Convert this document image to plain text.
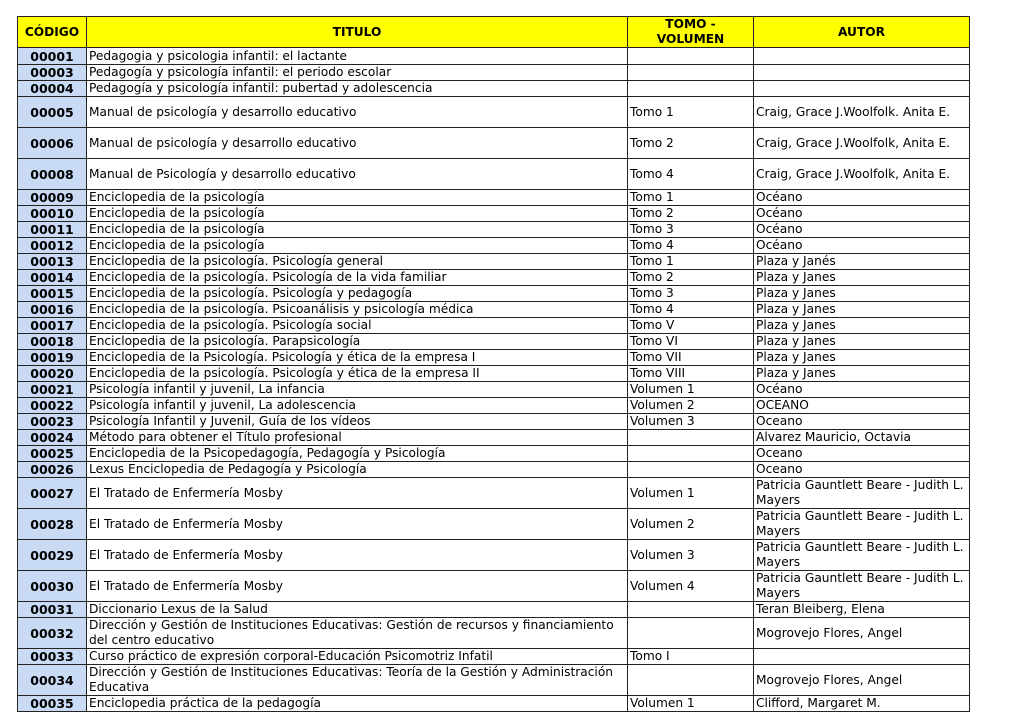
CÓDIGO	TITULO	TOMO - VOLUMEN	AUTOR
00001	Pedagogia y psicologia infantil: el lactante		
00003	Pedagogía y psicología infantil: el periodo escolar		
00004	Pedagogía y psicología infantil: pubertad y adolescencia		
00005	Manual de psicología y desarrollo educativo	Tomo 1	Craig, Grace J.Woolfolk. Anita E.
00006	Manual de psicología y desarrollo educativo	Tomo 2	Craig, Grace J.Woolfolk, Anita E.
00008	Manual de Psicología y desarrollo educativo	Tomo 4	Craig, Grace J.Woolfolk, Anita E.
00009	Enciclopedia de la psicología	Tomo 1	Océano
00010	Enciclopedia de la psicología	Tomo 2	Océano
00011	Enciclopedia de la psicología	Tomo 3	Océano
00012	Enciclopedia de la psicología	Tomo 4	Océano
00013	Enciclopedia de la psicología. Psicología general	Tomo 1	Plaza y Janés
00014	Enciclopedia de la psicología. Psicología de la vida familiar	Tomo 2	Plaza y Janes
00015	Enciclopedia de la psicología. Psicología y pedagogía	Tomo 3	Plaza y Janes
00016	Enciclopedia de la psicología. Psicoanálisis y psicología médica	Tomo 4	Plaza y Janes
00017	Enciclopedia de la psicología. Psicología social	Tomo V	Plaza y Janes
00018	Enciclopedia de la psicología. Parapsicología	Tomo VI	Plaza y Janes
00019	Enciclopedia de la Psicología. Psicología y ética de la empresa I	Tomo VII	Plaza y Janes
00020	Enciclopedia de la psicología. Psicología y ética de la empresa II	Tomo VIII	Plaza y Janes
00021	Psicología infantil y juvenil, La infancia	Volumen 1	Océano
00022	Psicología infantil y juvenil, La adolescencia	Volumen 2	OCEANO
00023	Psicología Infantil y Juvenil, Guía de los vídeos	Volumen 3	Oceano
00024	Método para obtener el Título profesional		Alvarez Mauricio, Octavia
00025	Enciclopedia de la Psicopedagogía, Pedagogía y Psicología		Oceano
00026	Lexus Enciclopedia de Pedagogía y Psicología		Oceano
00027	El Tratado de Enfermería Mosby	Volumen 1	Patricia Gauntlett Beare - Judith L. Mayers
00028	El Tratado de Enfermería Mosby	Volumen 2	Patricia Gauntlett Beare - Judith L. Mayers
00029	El Tratado de Enfermería Mosby	Volumen 3	Patricia Gauntlett Beare - Judith L. Mayers
00030	El Tratado de Enfermería Mosby	Volumen 4	Patricia Gauntlett Beare - Judith L. Mayers
00031	Diccionario Lexus de la Salud		Teran Bleiberg, Elena
00032	Dirección y Gestión de Instituciones Educativas: Gestión de recursos y financiamiento del centro educativo		Mogrovejo Flores, Angel
00033	Curso práctico de expresión corporal-Educación Psicomotriz Infatil	Tomo I	
00034	Dirección y Gestión de Instituciones Educativas: Teoría de la Gestión y Administración Educativa		Mogrovejo Flores, Angel
00035	Enciclopedia práctica de la pedagogía	Volumen 1	Clifford, Margaret M.
